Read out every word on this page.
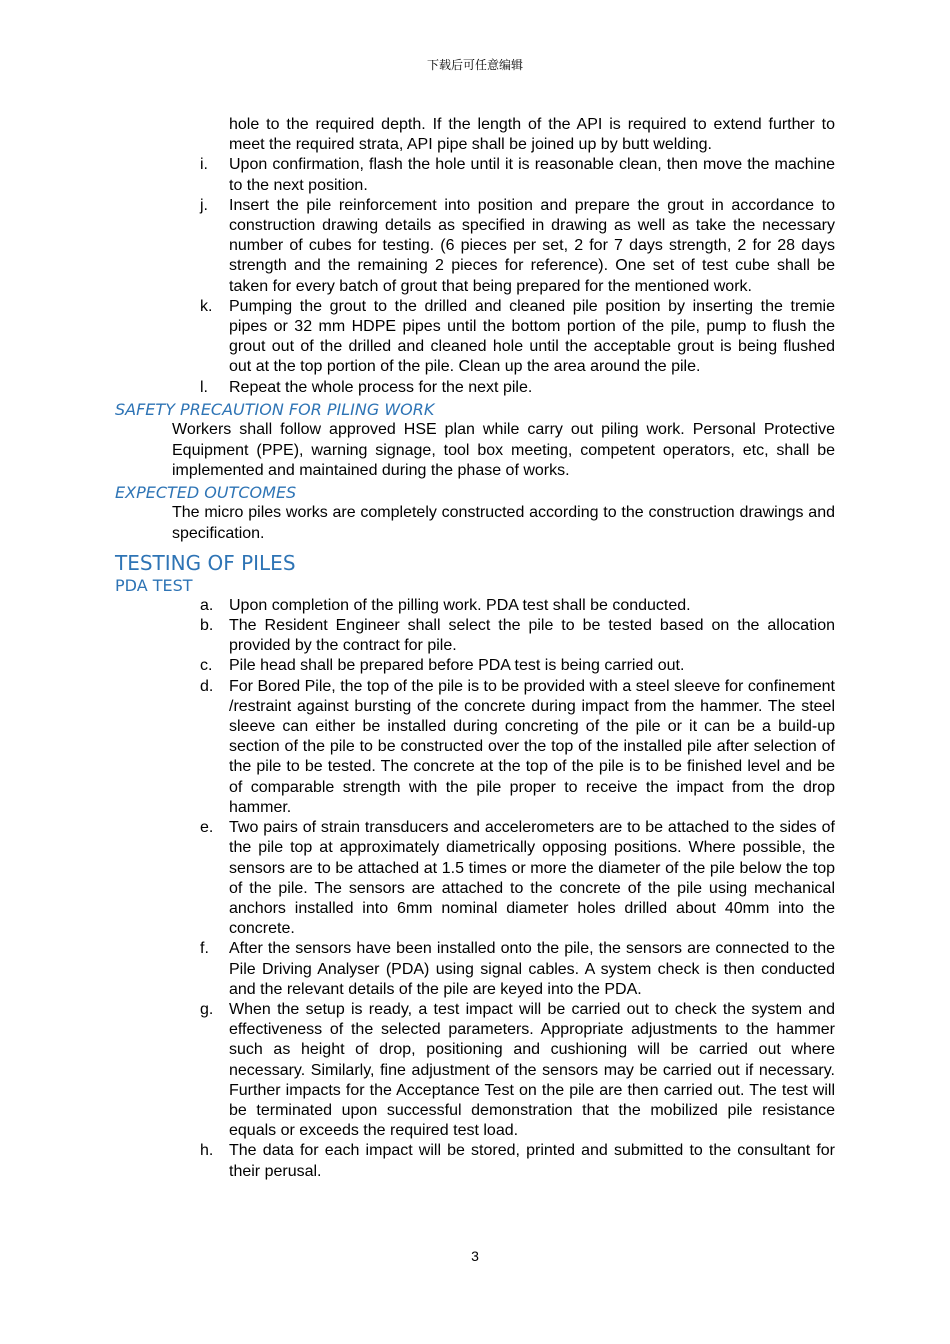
下载后可任意编辑
hole to the required depth. If the length of the API is required to extend further to meet the required strata, API pipe shall be joined up by butt welding.
i. Upon confirmation, flash the hole until it is reasonable clean, then move the machine to the next position.
j. Insert the pile reinforcement into position and prepare the grout in accordance to construction drawing details as specified in drawing as well as take the necessary number of cubes for testing. (6 pieces per set, 2 for 7 days strength, 2 for 28 days strength and the remaining 2 pieces for reference). One set of test cube shall be taken for every batch of grout that being prepared for the mentioned work.
k. Pumping the grout to the drilled and cleaned pile position by inserting the tremie pipes or 32 mm HDPE pipes until the bottom portion of the pile, pump to flush the grout out of the drilled and cleaned hole until the acceptable grout is being flushed out at the top portion of the pile. Clean up the area around the pile.
l. Repeat the whole process for the next pile.
SAFETY PRECAUTION FOR PILING WORK
Workers shall follow approved HSE plan while carry out piling work. Personal Protective Equipment (PPE), warning signage, tool box meeting, competent operators, etc, shall be implemented and maintained during the phase of works.
EXPECTED OUTCOMES
The micro piles works are completely constructed according to the construction drawings and specification.
TESTING OF PILES
PDA TEST
a. Upon completion of the pilling work. PDA test shall be conducted.
b. The Resident Engineer shall select the pile to be tested based on the allocation provided by the contract for pile.
c. Pile head shall be prepared before PDA test is being carried out.
d. For Bored Pile, the top of the pile is to be provided with a steel sleeve for confinement /restraint against bursting of the concrete during impact from the hammer. The steel sleeve can either be installed during concreting of the pile or it can be a build-up section of the pile to be constructed over the top of the installed pile after selection of the pile to be tested. The concrete at the top of the pile is to be finished level and be of comparable strength with the pile proper to receive the impact from the drop hammer.
e. Two pairs of strain transducers and accelerometers are to be attached to the sides of the pile top at approximately diametrically opposing positions. Where possible, the sensors are to be attached at 1.5 times or more the diameter of the pile below the top of the pile. The sensors are attached to the concrete of the pile using mechanical anchors installed into 6mm nominal diameter holes drilled about 40mm into the concrete.
f. After the sensors have been installed onto the pile, the sensors are connected to the Pile Driving Analyser (PDA) using signal cables. A system check is then conducted and the relevant details of the pile are keyed into the PDA.
g. When the setup is ready, a test impact will be carried out to check the system and effectiveness of the selected parameters. Appropriate adjustments to the hammer such as height of drop, positioning and cushioning will be carried out where necessary. Similarly, fine adjustment of the sensors may be carried out if necessary. Further impacts for the Acceptance Test on the pile are then carried out. The test will be terminated upon successful demonstration that the mobilized pile resistance equals or exceeds the required test load.
h. The data for each impact will be stored, printed and submitted to the consultant for their perusal.
3
